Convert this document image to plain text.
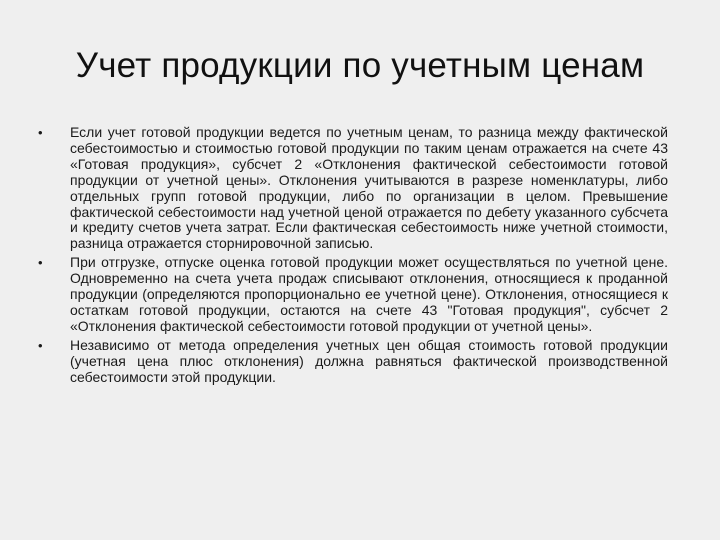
Учет продукции по учетным ценам
•	Если учет готовой продукции ведется по учетным ценам, то разница между фактической себестоимостью и стоимостью готовой продукции по таким ценам отражается на счете 43 «Готовая продукция», субсчет 2 «Отклонения фактической себестоимости готовой продукции от учетной цены». Отклонения учитываются в разрезе номенклатуры, либо отдельных групп готовой продукции, либо по организации в целом. Превышение фактической себестоимости над учетной ценой отражается по дебету указанного субсчета и кредиту счетов учета затрат. Если фактическая себестоимость ниже учетной стоимости, разница отражается сторнировочной записью.
•	При отгрузке, отпуске оценка готовой продукции может осуществляться по учетной цене. Одновременно на счета учета продаж списывают отклонения, относящиеся к проданной продукции (определяются пропорционально ее учетной цене). Отклонения, относящиеся к остаткам готовой продукции, остаются на счете 43 "Готовая продукция", субсчет 2 «Отклонения фактической себестоимости готовой продукции от учетной цены».
•	Независимо от метода определения учетных цен общая стоимость готовой продукции (учетная цена плюс отклонения) должна равняться фактической производственной себестоимости этой продукции.
